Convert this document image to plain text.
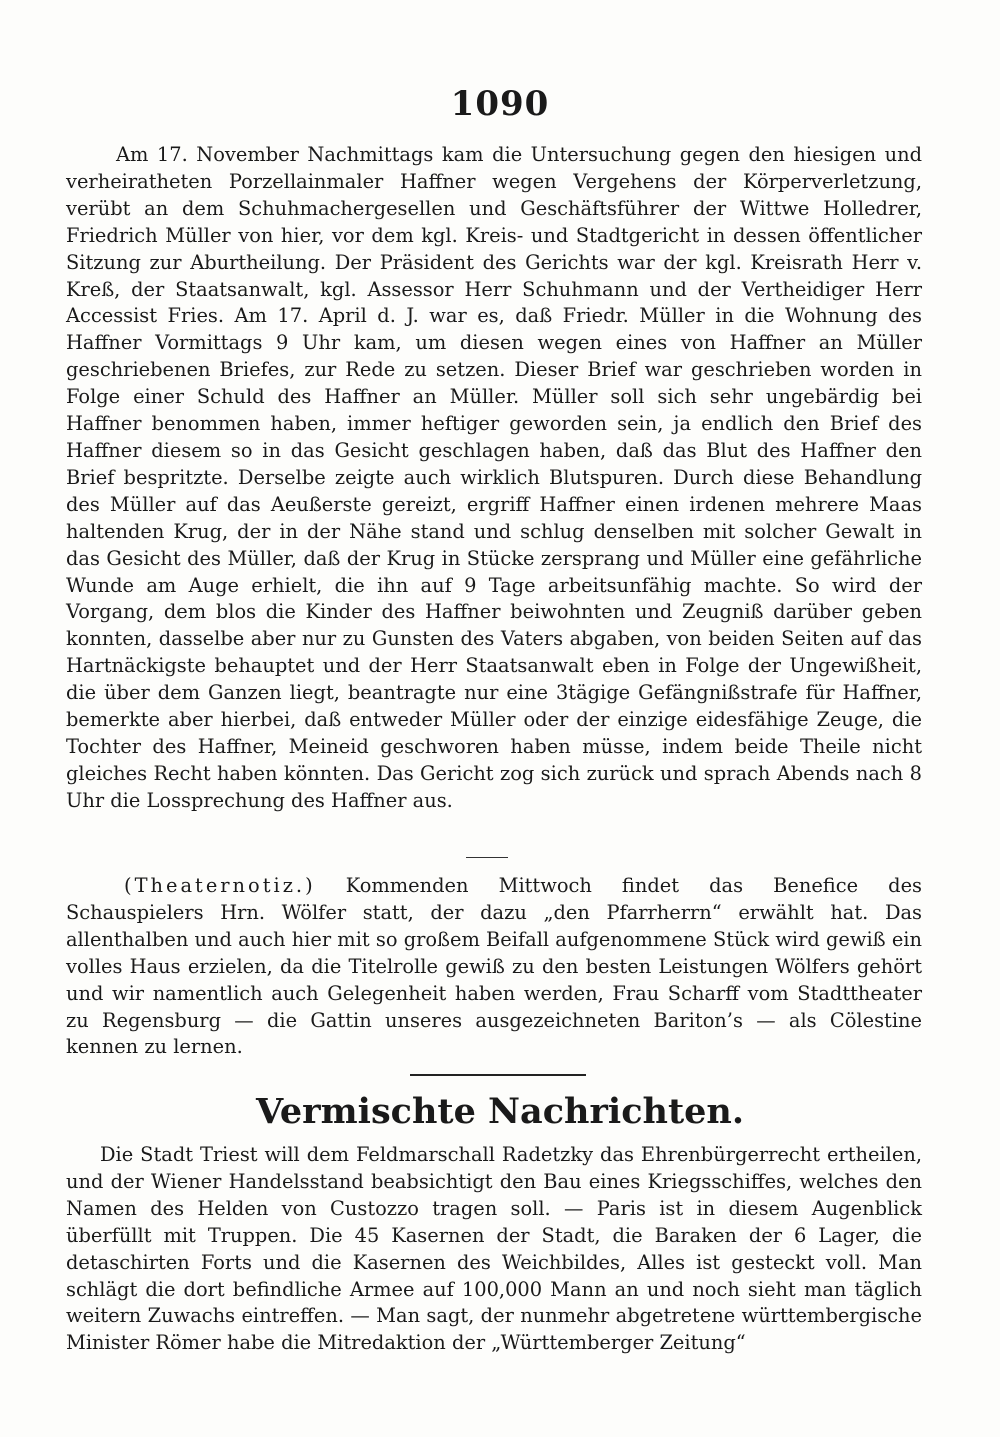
1090

Am 17. November Nachmittags kam die Untersuchung gegen den hiesigen und verheiratheten Porzellainmaler Haffner wegen Vergehens der Körperverletzung, verübt an dem Schuhmachergesellen und Geschäftsführer der Wittwe Holledrer, Friedrich Müller von hier, vor dem kgl. Kreis- und Stadtgericht in dessen öffentlicher Sitzung zur Aburtheilung. Der Präsident des Gerichts war der kgl. Kreisrath Herr v. Kreß, der Staatsanwalt, kgl. Assessor Herr Schuhmann und der Vertheidiger Herr Accessist Fries. Am 17. April d. J. war es, daß Friedr. Müller in die Wohnung des Haffner Vormittags 9 Uhr kam, um diesen wegen eines von Haffner an Müller geschriebenen Briefes, zur Rede zu setzen. Dieser Brief war geschrieben worden in Folge einer Schuld des Haffner an Müller. Müller soll sich sehr ungebärdig bei Haffner benommen haben, immer heftiger geworden sein, ja endlich den Brief des Haffner diesem so in das Gesicht geschlagen haben, daß das Blut des Haffner den Brief bespritzte. Derselbe zeigte auch wirklich Blutspuren. Durch diese Behandlung des Müller auf das Aeußerste gereizt, ergriff Haffner einen irdenen mehrere Maas haltenden Krug, der in der Nähe stand und schlug denselben mit solcher Gewalt in das Gesicht des Müller, daß der Krug in Stücke zersprang und Müller eine gefährliche Wunde am Auge erhielt, die ihn auf 9 Tage arbeitsunfähig machte. So wird der Vorgang, dem blos die Kinder des Haffner beiwohnten und Zeugniß darüber geben konnten, dasselbe aber nur zu Gunsten des Vaters abgaben, von beiden Seiten auf das Hartnäckigste behauptet und der Herr Staatsanwalt eben in Folge der Ungewißheit, die über dem Ganzen liegt, beantragte nur eine 3tägige Gefängnißstrafe für Haffner, bemerkte aber hierbei, daß entweder Müller oder der einzige eidesfähige Zeuge, die Tochter des Haffner, Meineid geschworen haben müsse, indem beide Theile nicht gleiches Recht haben könnten. Das Gericht zog sich zurück und sprach Abends nach 8 Uhr die Lossprechung des Haffner aus.

(Theaternotiz.) Kommenden Mittwoch findet das Benefice des Schauspielers Hrn. Wölfer statt, der dazu „den Pfarrherrn“ erwählt hat. Das allenthalben und auch hier mit so großem Beifall aufgenommene Stück wird gewiß ein volles Haus erzielen, da die Titelrolle gewiß zu den besten Leistungen Wölfers gehört und wir namentlich auch Gelegenheit haben werden, Frau Scharff vom Stadttheater zu Regensburg — die Gattin unseres ausgezeichneten Bariton’s — als Cölestine kennen zu lernen.

Vermischte Nachrichten.

Die Stadt Triest will dem Feldmarschall Radetzky das Ehrenbürgerrecht ertheilen, und der Wiener Handelsstand beabsichtigt den Bau eines Kriegsschiffes, welches den Namen des Helden von Custozzo tragen soll. — Paris ist in diesem Augenblick überfüllt mit Truppen. Die 45 Kasernen der Stadt, die Baraken der 6 Lager, die detaschirten Forts und die Kasernen des Weichbildes, Alles ist gesteckt voll. Man schlägt die dort befindliche Armee auf 100,000 Mann an und noch sieht man täglich weitern Zuwachs eintreffen. — Man sagt, der nunmehr abgetretene württembergische Minister Römer habe die Mitredaktion der „Württemberger Zeitung“
